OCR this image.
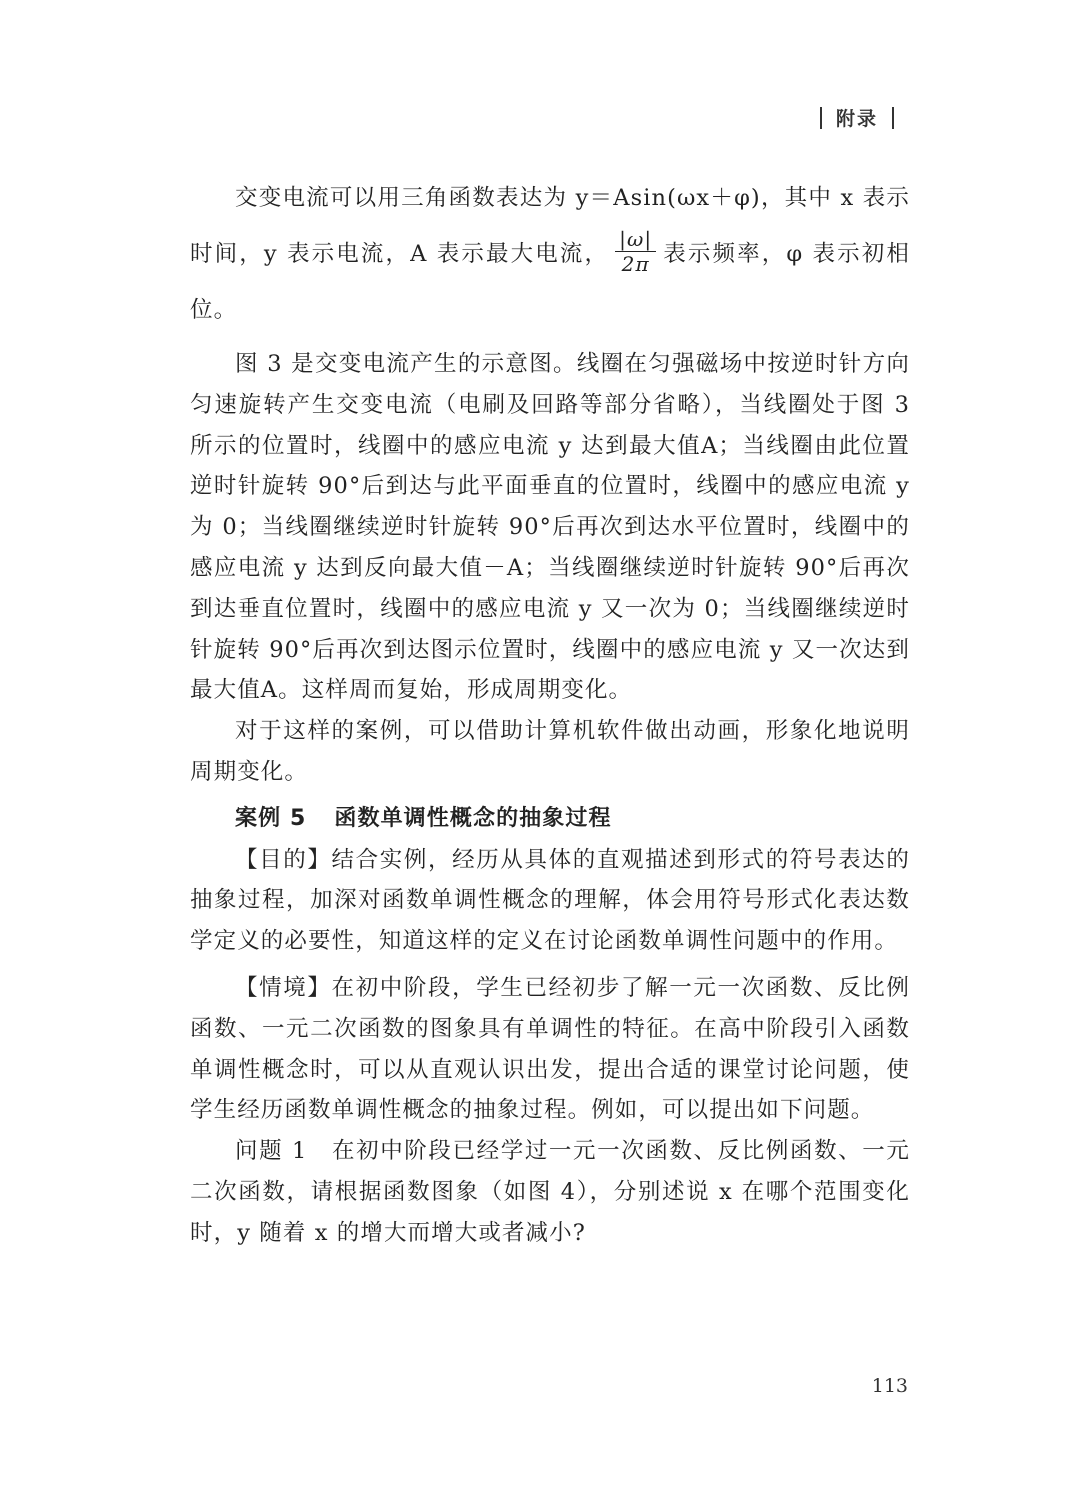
附录

交变电流可以用三角函数表达为 y＝Asin(ωx＋φ)，其中 x 表示时间，y 表示电流，A 表示最大电流， $\frac{|\omega|}{2\pi}$ 表示频率，φ 表示初相位。

图 3 是交变电流产生的示意图。线圈在匀强磁场中按逆时针方向匀速旋转产生交变电流（电刷及回路等部分省略），当线圈处于图 3 所示的位置时，线圈中的感应电流 y 达到最大值A；当线圈由此位置逆时针旋转 90°后到达与此平面垂直的位置时，线圈中的感应电流 y 为 0；当线圈继续逆时针旋转 90°后再次到达水平位置时，线圈中的感应电流 y 达到反向最大值－A；当线圈继续逆时针旋转 90°后再次到达垂直位置时，线圈中的感应电流 y 又一次为 0；当线圈继续逆时针旋转 90°后再次到达图示位置时，线圈中的感应电流 y 又一次达到最大值A。这样周而复始，形成周期变化。

对于这样的案例，可以借助计算机软件做出动画，形象化地说明周期变化。

案例 5 函数单调性概念的抽象过程

【目的】结合实例，经历从具体的直观描述到形式的符号表达的抽象过程，加深对函数单调性概念的理解，体会用符号形式化表达数学定义的必要性，知道这样的定义在讨论函数单调性问题中的作用。

【情境】在初中阶段，学生已经初步了解一元一次函数、反比例函数、一元二次函数的图象具有单调性的特征。在高中阶段引入函数单调性概念时，可以从直观认识出发，提出合适的课堂讨论问题，使学生经历函数单调性概念的抽象过程。例如，可以提出如下问题。

问题 1　在初中阶段已经学过一元一次函数、反比例函数、一元二次函数，请根据函数图象（如图 4），分别述说 x 在哪个范围变化时，y 随着 x 的增大而增大或者减小?

113
